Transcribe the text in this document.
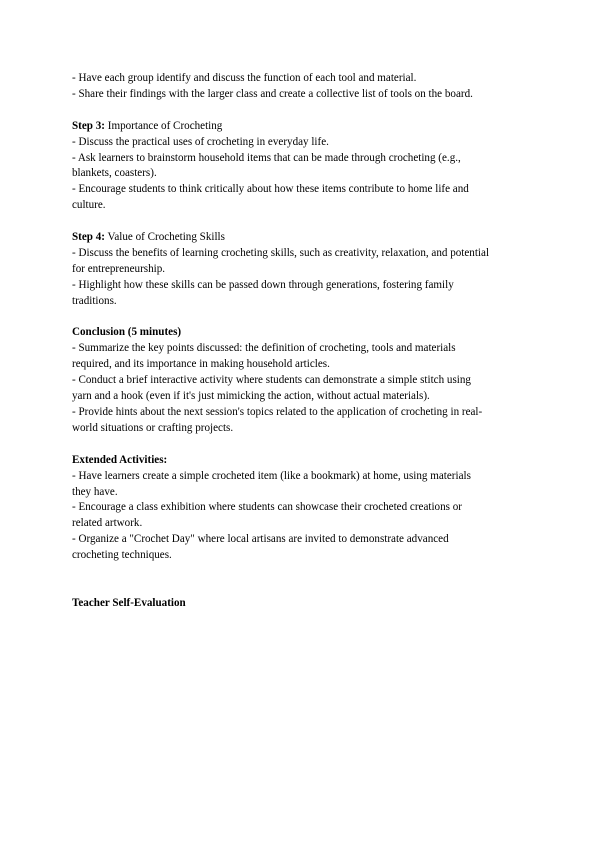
- Have each group identify and discuss the function of each tool and material.
- Share their findings with the larger class and create a collective list of tools on the board.
Step 3: Importance of Crocheting
- Discuss the practical uses of crocheting in everyday life.
- Ask learners to brainstorm household items that can be made through crocheting (e.g.,
blankets, coasters).
- Encourage students to think critically about how these items contribute to home life and
culture.
Step 4: Value of Crocheting Skills
- Discuss the benefits of learning crocheting skills, such as creativity, relaxation, and potential
for entrepreneurship.
- Highlight how these skills can be passed down through generations, fostering family
traditions.
Conclusion (5 minutes)
- Summarize the key points discussed: the definition of crocheting, tools and materials
required, and its importance in making household articles.
- Conduct a brief interactive activity where students can demonstrate a simple stitch using
yarn and a hook (even if it's just mimicking the action, without actual materials).
- Provide hints about the next session's topics related to the application of crocheting in real-
world situations or crafting projects.
Extended Activities:
- Have learners create a simple crocheted item (like a bookmark) at home, using materials
they have.
- Encourage a class exhibition where students can showcase their crocheted creations or
related artwork.
- Organize a "Crochet Day" where local artisans are invited to demonstrate advanced
crocheting techniques.
Teacher Self-Evaluation
